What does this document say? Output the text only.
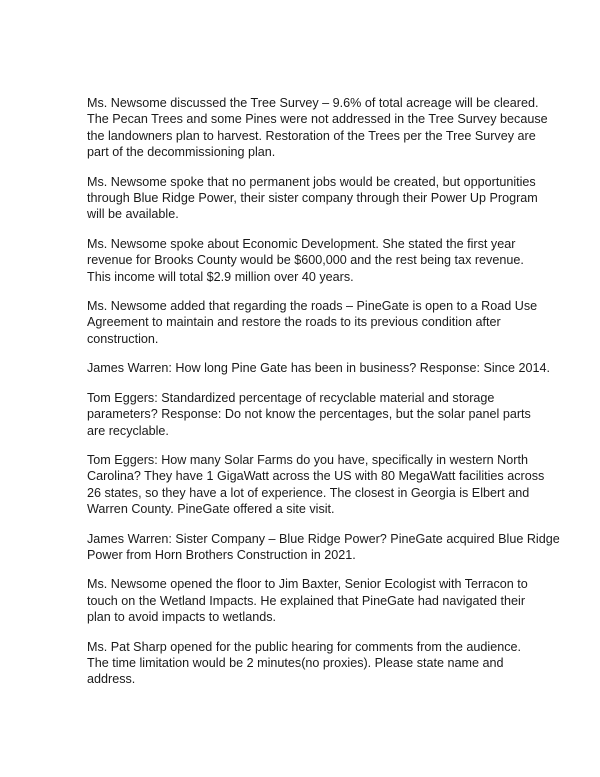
Ms. Newsome discussed the Tree Survey – 9.6% of total acreage will be cleared.
The Pecan Trees and some Pines were not addressed in the Tree Survey because
the landowners plan to harvest. Restoration of the Trees per the Tree Survey are
part of the decommissioning plan.

Ms. Newsome spoke that no permanent jobs would be created, but opportunities
through Blue Ridge Power, their sister company through their Power Up Program
will be available.

Ms. Newsome spoke about Economic Development. She stated the first year
revenue for Brooks County would be $600,000 and the rest being tax revenue.
This income will total $2.9 million over 40 years.

Ms. Newsome added that regarding the roads – PineGate is open to a Road Use
Agreement to maintain and restore the roads to its previous condition after
construction.

James Warren: How long Pine Gate has been in business? Response: Since 2014.

Tom Eggers: Standardized percentage of recyclable material and storage
parameters? Response: Do not know the percentages, but the solar panel parts
are recyclable.

Tom Eggers: How many Solar Farms do you have, specifically in western North
Carolina? They have 1 GigaWatt across the US with 80 MegaWatt facilities across
26 states, so they have a lot of experience. The closest in Georgia is Elbert and
Warren County. PineGate offered a site visit.

James Warren: Sister Company – Blue Ridge Power? PineGate acquired Blue Ridge
Power from Horn Brothers Construction in 2021.

Ms. Newsome opened the floor to Jim Baxter, Senior Ecologist with Terracon to
touch on the Wetland Impacts. He explained that PineGate had navigated their
plan to avoid impacts to wetlands.

Ms. Pat Sharp opened for the public hearing for comments from the audience.
The time limitation would be 2 minutes(no proxies). Please state name and
address.
